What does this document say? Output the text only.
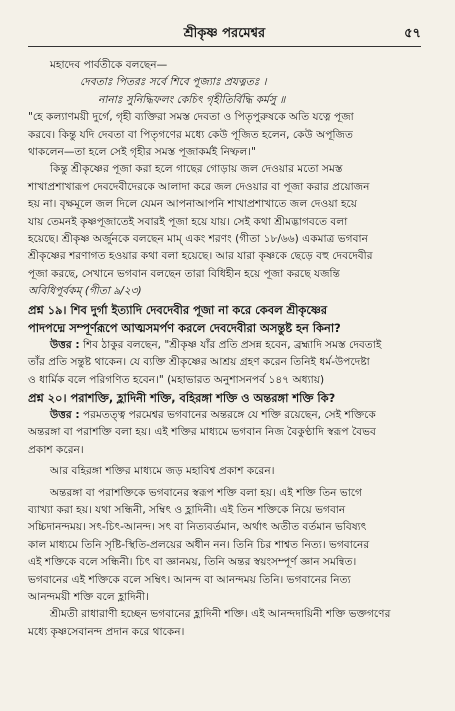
শ্রীকৃষ্ণ পরমেশ্বর	৫৭
মহাদেব পার্বতীকে বলছেন—
দেবতাঃ পিতরঃ সর্বে শিবে পূজ্যাঃ প্রযত্নতঃ ।
নানাঃ সুনিদ্ধিফলং কেচিৎ গৃহীতির্বিদ্ধি কর্মসু ॥
"হে কল্যাণময়ী দুর্গে, গৃহী ব্যক্তিরা সমস্ত দেবতা ও পিতৃপুরুষকে অতি যত্নে পূজা
করবে। কিন্তু যদি দেবতা বা পিতৃগণের মধ্যে কেউ পূজিত হলেন, কেউ অপূজিত
থাকলেন—তা হলে সেই গৃহীর সমস্ত পূজাকর্মই নিষ্ফল।"
কিন্তু শ্রীকৃষ্ণের পূজা করা হলে গাছের গোড়ায় জল দেওয়ার মতো সমস্ত
শাখাপ্রশাখারূপ দেবদেবীদেরকে আলাদা করে জল দেওয়ার বা পূজা করার প্রয়োজন
হয় না। বৃক্ষমূলে জল দিলে যেমন আপনাআপনি শাখাপ্রশাখাতে জল দেওয়া হয়ে
যায় তেমনই কৃষ্ণপূজাতেই সবারই পূজা হয়ে যায়। সেই কথা শ্রীমদ্ভাগবতে বলা
হয়েছে। শ্রীকৃষ্ণ অর্জুনকে বলছেন মাম্ একং শরণং (গীতা ১৮/৬৬) একমাত্র ভগবান
শ্রীকৃষ্ণের শরণাগত হওয়ার কথা বলা হয়েছে। আর যারা কৃষ্ণকে ছেড়ে বহু দেবদেবীর
পূজা করছে, সেখানে ভগবান বলছেন তারা বিধিহীন হয়ে পূজা করছে যজন্তি
অবিধিপূর্বকম্ (গীতা ৯/২৩)
প্রশ্ন ১৯। শিব দুর্গা ইত্যাদি দেবদেবীর পূজা না করে কেবল শ্রীকৃষ্ণের
পাদপদ্মে সম্পূর্ণরূপে আত্মসমর্পণ করলে দেবদেবীরা অসন্তুষ্ট হন কিনা?
উত্তর : শিব ঠাকুর বলছেন, "শ্রীকৃষ্ণ যাঁর প্রতি প্রসন্ন হবেন, ব্রহ্মাদি সমস্ত দেবতাই
তাঁর প্রতি সন্তুষ্ট থাকেন। যে ব্যক্তি শ্রীকৃষ্ণের আশ্রয় গ্রহণ করেন তিনিই ধর্ম-উপদেষ্টা
ও ধার্মিক বলে পরিগণিত হবেন।" (মহাভারত অনুশাসনপর্ব ১৪৭ অধ্যায়)
প্রশ্ন ২০। পরাশক্তি, হ্লাদিনী শক্তি, বহিরঙ্গা শক্তি ও অন্তরঙ্গা শক্তি কি?
উত্তর : পরমতত্ত্ব পরমেশ্বর ভগবানের অন্তরঙ্গে যে শক্তি রয়েছেন, সেই শক্তিকে
অন্তরঙ্গা বা পরাশক্তি বলা হয়। এই শক্তির মাধ্যমে ভগবান নিজ বৈকুণ্ঠাদি স্বরূপ বৈভব
প্রকাশ করেন।
আর বহিরঙ্গা শক্তির মাধ্যমে জড় মহাবিশ্ব প্রকাশ করেন।
অন্তরঙ্গা বা পরাশক্তিকে ভগবানের স্বরূপ শক্তি বলা হয়। এই শক্তি তিন ভাগে
ব্যাখ্যা করা হয়। যথা সন্ধিনী, সম্বিৎ ও হ্লাদিনী। এই তিন শক্তিকে নিয়ে ভগবান
সচ্চিদানন্দময়। সৎ-চিৎ-আনন্দ। সৎ বা নিত্যবর্তমান, অর্থাৎ অতীত বর্তমান ভবিষ্যৎ
কাল মাধ্যমে তিনি সৃষ্টি-স্থিতি-প্রলয়ের অধীন নন। তিনি চির শাশ্বত নিত্য। ভগবানের
এই শক্তিকে বলে সন্ধিনী। চিৎ বা জ্ঞানময়, তিনি অন্তর স্বয়ংসম্পূর্ণ জ্ঞান সমন্বিত।
ভগবানের এই শক্তিকে বলে সম্বিৎ। আনন্দ বা আনন্দময় তিনি। ভগবানের নিত্য
আনন্দময়ী শক্তি বলে হ্লাদিনী।
শ্রীমতী রাধারাণী হচ্ছেন ভগবানের হ্লাদিনী শক্তি। এই আনন্দদায়িনী শক্তি ভক্তগণের
মধ্যে কৃষ্ণসেবানন্দ প্রদান করে থাকেন।
